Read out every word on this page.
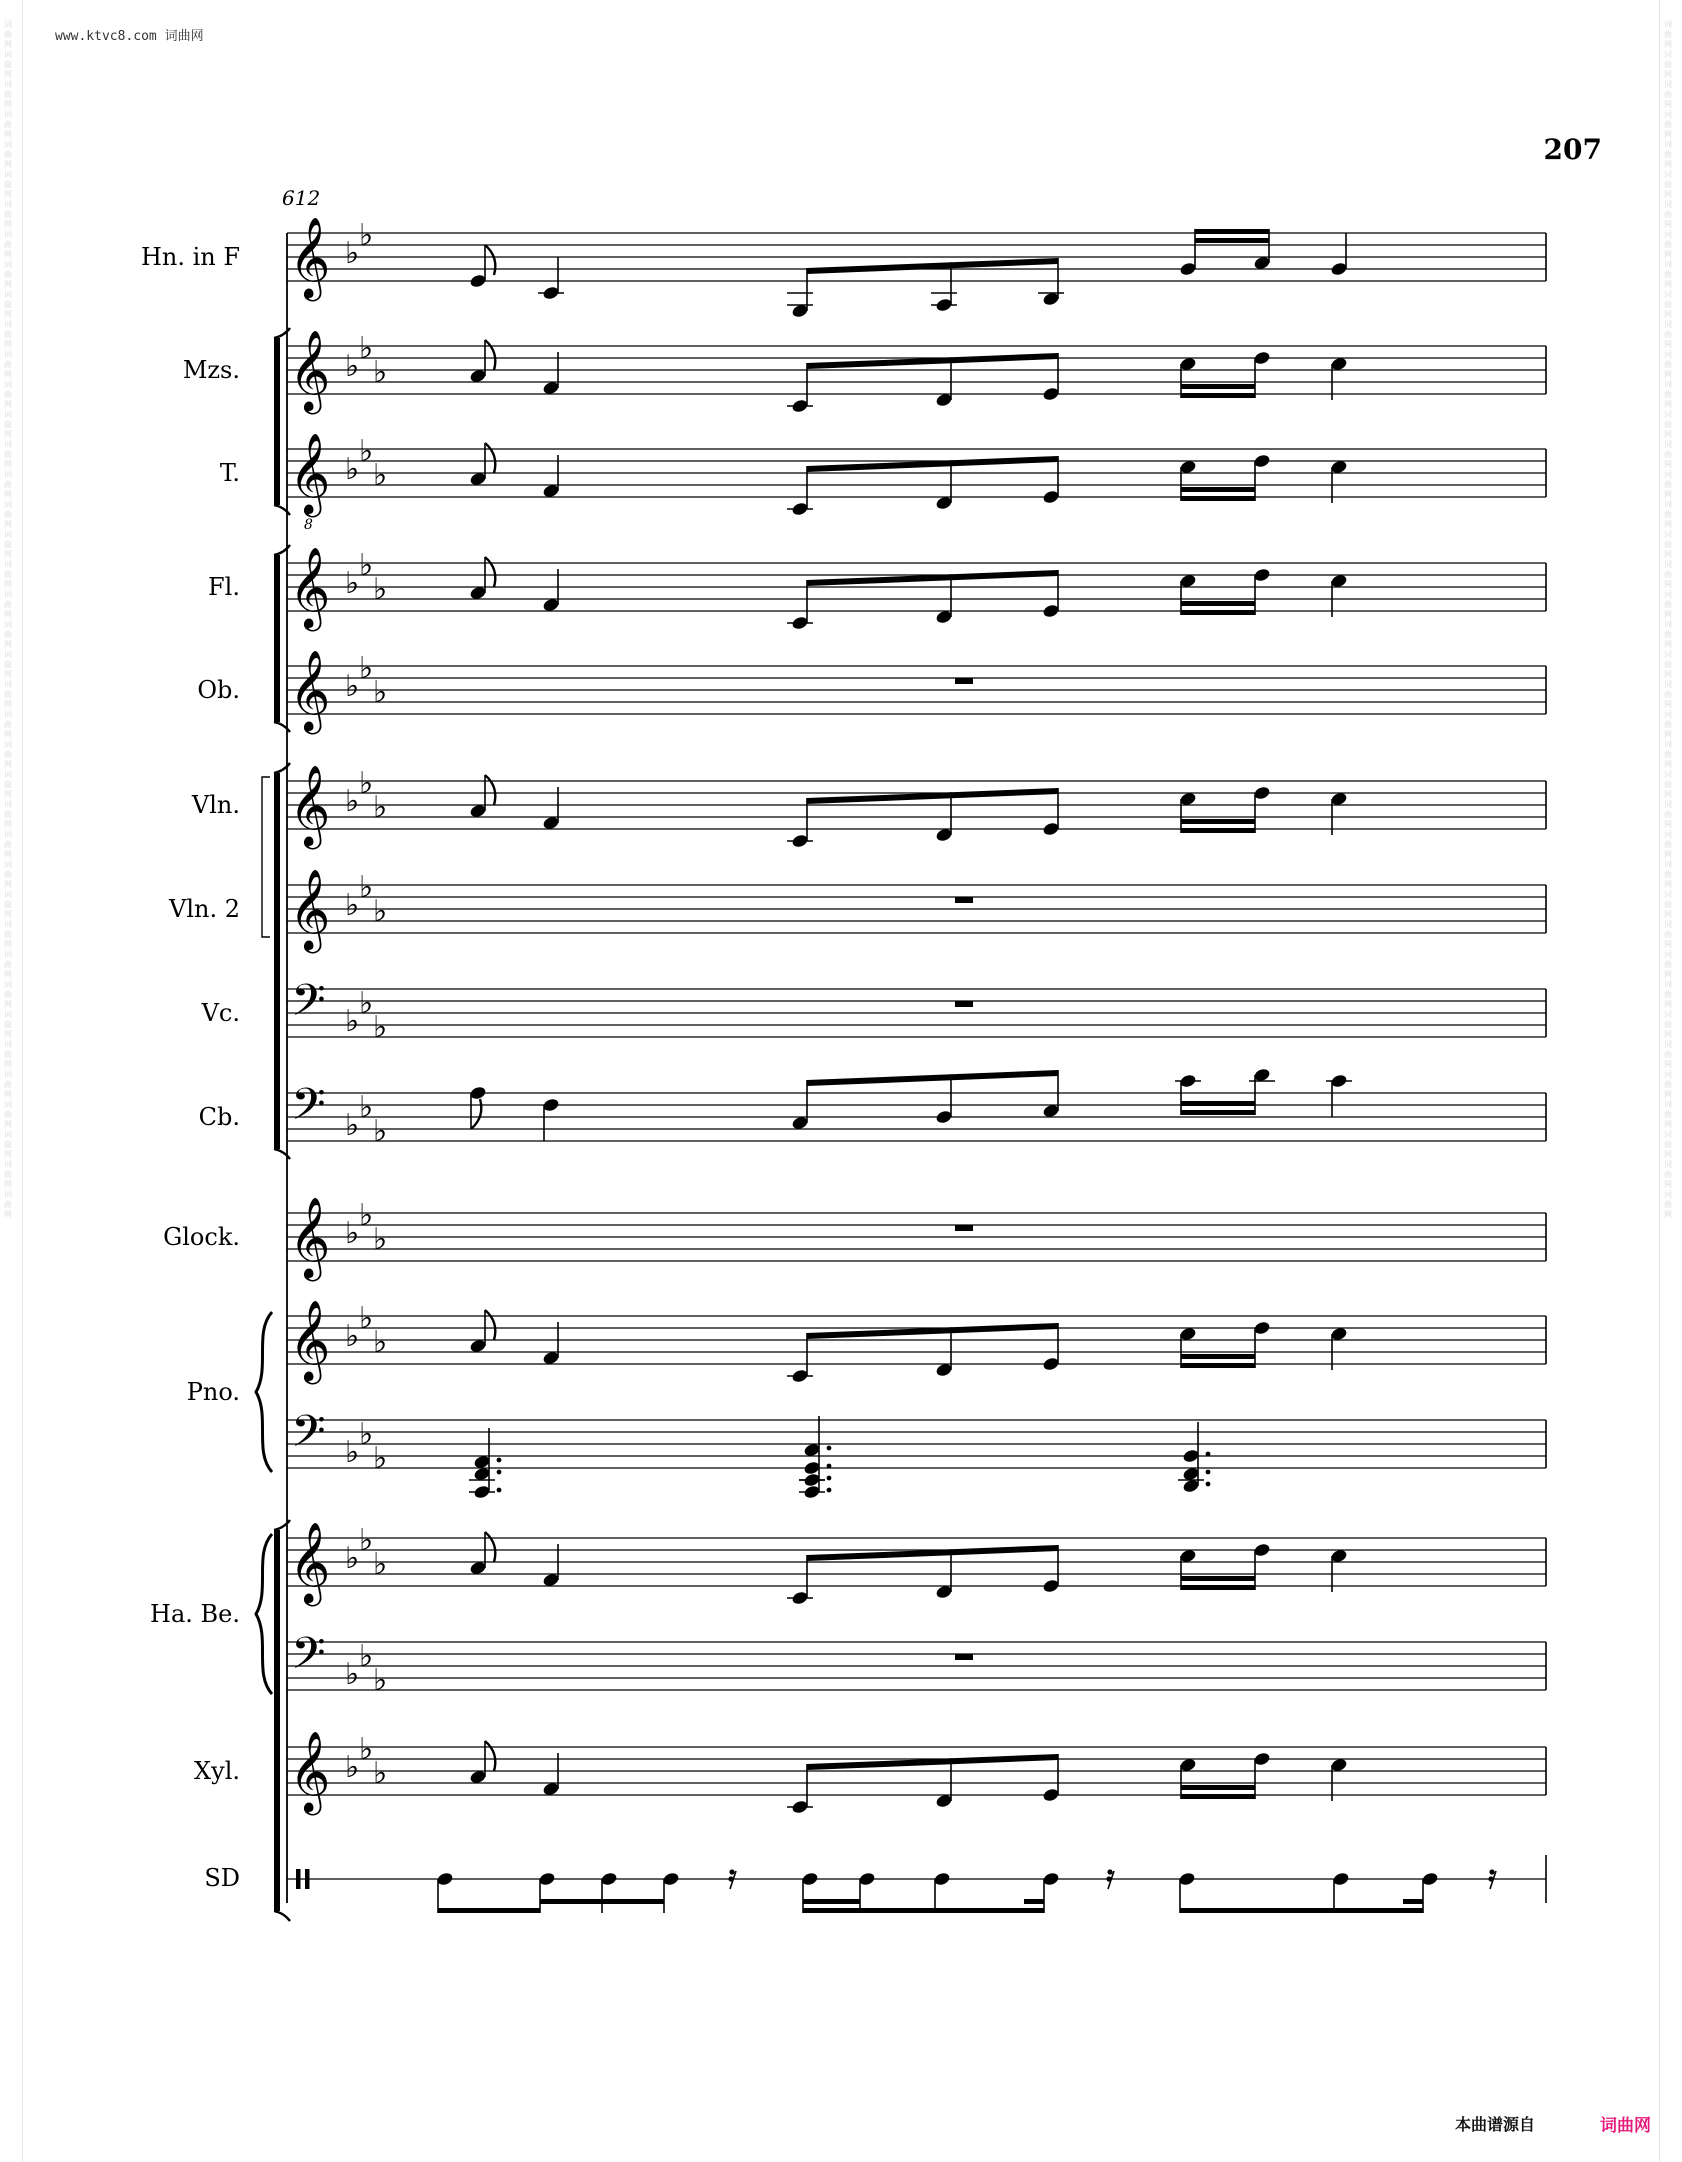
词曲网词曲网词曲网词曲网词曲网词曲网词曲网词曲网词曲网词曲网词曲网词曲网词曲网词曲网词曲网词曲网词曲网词曲网词曲网词曲网词曲网词曲网词曲网词曲网词曲网词曲网词曲网词曲网词曲网词曲网词曲网词曲网词曲网词曲网词曲网词曲网词曲网词曲网词曲网词曲网
词曲网词曲网词曲网词曲网词曲网词曲网词曲网词曲网词曲网词曲网词曲网词曲网词曲网词曲网词曲网词曲网词曲网词曲网词曲网词曲网词曲网词曲网词曲网词曲网词曲网词曲网词曲网词曲网词曲网词曲网词曲网词曲网词曲网词曲网词曲网词曲网词曲网词曲网词曲网词曲网
www.ktvc8.com 词曲网
207
612
Hn. in F 𝄞 ♭
♭
Mzs. 𝄞 ♭
♭
♭
T. 𝄞
8
♭
♭
♭
Fl. 𝄞 ♭
♭
♭
Ob. 𝄞 ♭
♭
♭
Vln. 𝄞 ♭
♭
♭
Vln. 2 𝄞 ♭
♭
♭
Vc. 𝄢 ♭
♭
♭
Cb. 𝄢 ♭
♭
♭
Glock. 𝄞 ♭
♭
♭
Pno.
𝄞 ♭
♭
♭
𝄢 ♭
♭
♭
Ha. Be.
𝄞 ♭
♭
♭
𝄢 ♭
♭
♭
Xyl. 𝄞 ♭
♭
♭
SD
本曲谱源自	词曲网
